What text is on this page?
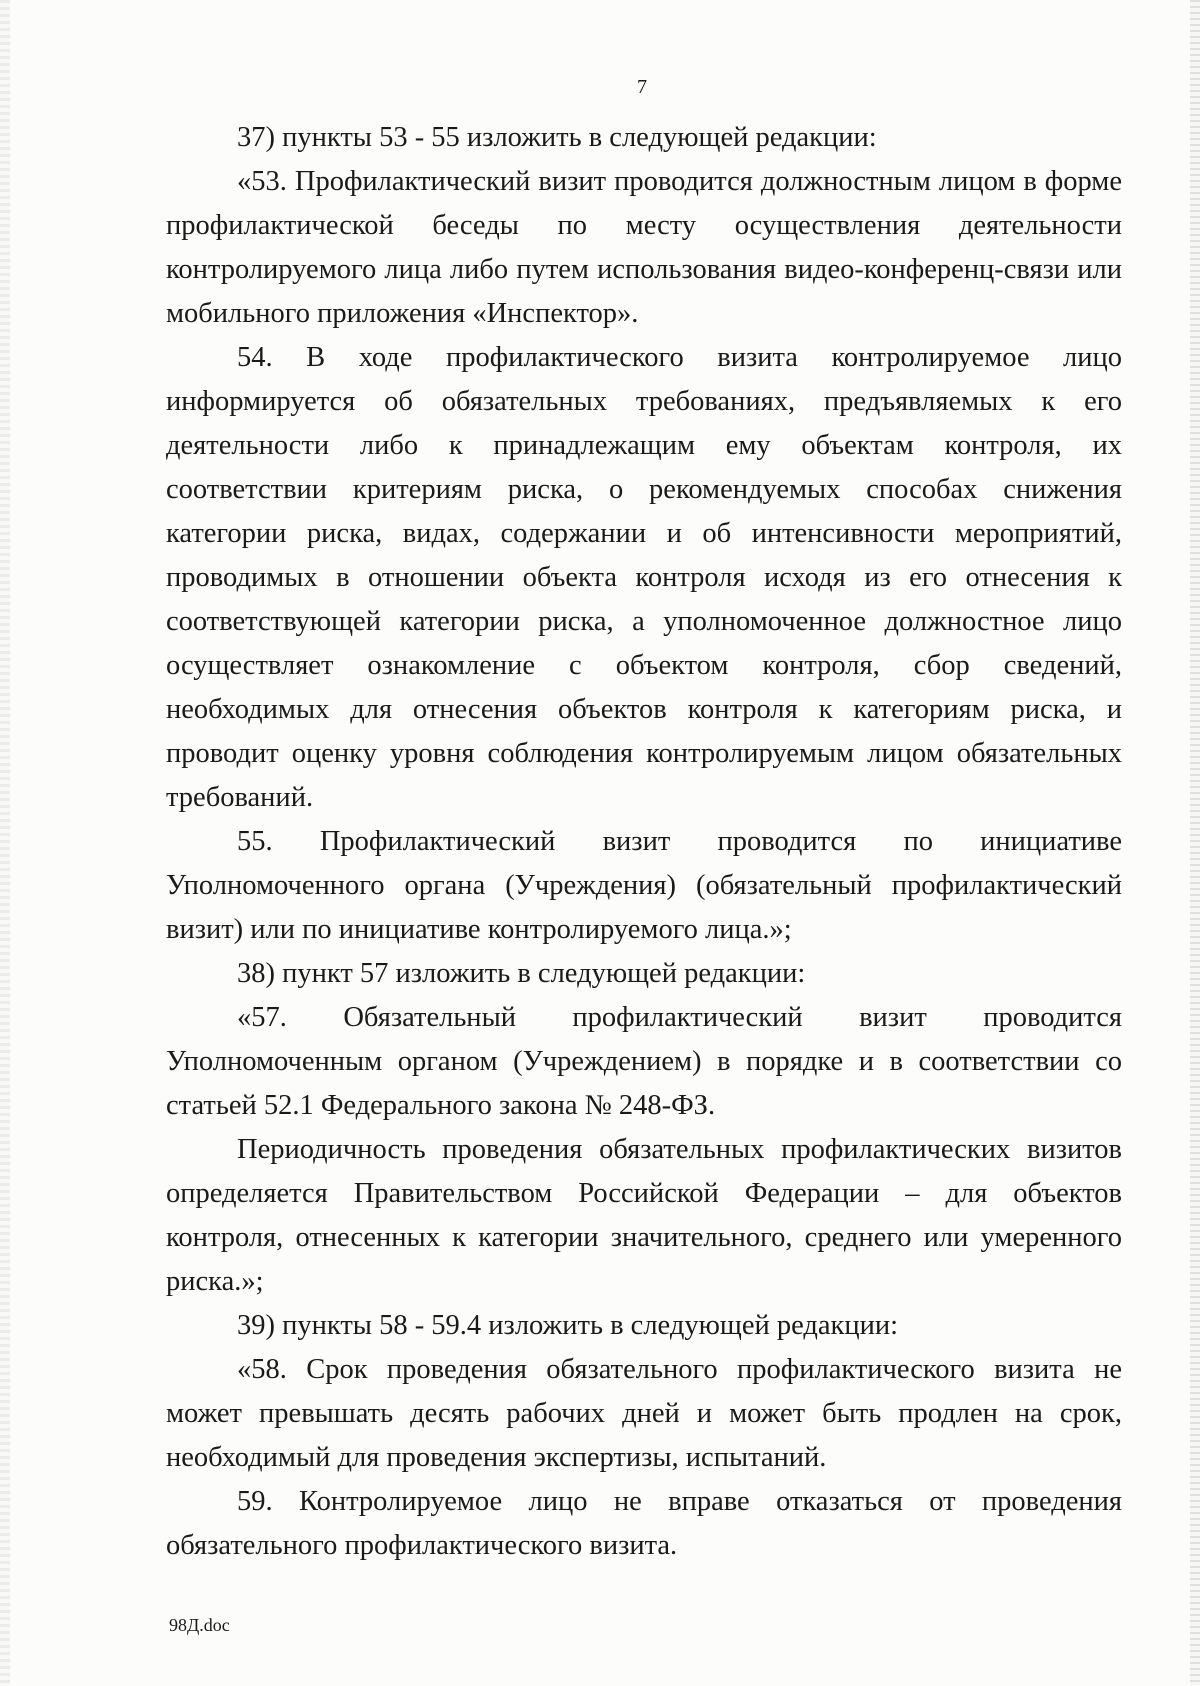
7

37) пункты 53 - 55 изложить в следующей редакции:

«53. Профилактический визит проводится должностным лицом в форме профилактической беседы по месту осуществления деятельности контролируемого лица либо путем использования видео-конференц-связи или мобильного приложения «Инспектор».

54. В ходе профилактического визита контролируемое лицо информируется об обязательных требованиях, предъявляемых к его деятельности либо к принадлежащим ему объектам контроля, их соответствии критериям риска, о рекомендуемых способах снижения категории риска, видах, содержании и об интенсивности мероприятий, проводимых в отношении объекта контроля исходя из его отнесения к соответствующей категории риска, а уполномоченное должностное лицо осуществляет ознакомление с объектом контроля, сбор сведений, необходимых для отнесения объектов контроля к категориям риска, и проводит оценку уровня соблюдения контролируемым лицом обязательных требований.

55. Профилактический визит проводится по инициативе Уполномоченного органа (Учреждения) (обязательный профилактический визит) или по инициативе контролируемого лица.»;

38) пункт 57 изложить в следующей редакции:

«57. Обязательный профилактический визит проводится Уполномоченным органом (Учреждением) в порядке и в соответствии со статьей 52.1 Федерального закона № 248-ФЗ.

Периодичность проведения обязательных профилактических визитов определяется Правительством Российской Федерации – для объектов контроля, отнесенных к категории значительного, среднего или умеренного риска.»;

39) пункты 58 - 59.4 изложить в следующей редакции:

«58. Срок проведения обязательного профилактического визита не может превышать десять рабочих дней и может быть продлен на срок, необходимый для проведения экспертизы, испытаний.

59. Контролируемое лицо не вправе отказаться от проведения обязательного профилактического визита.

98Д.doc
